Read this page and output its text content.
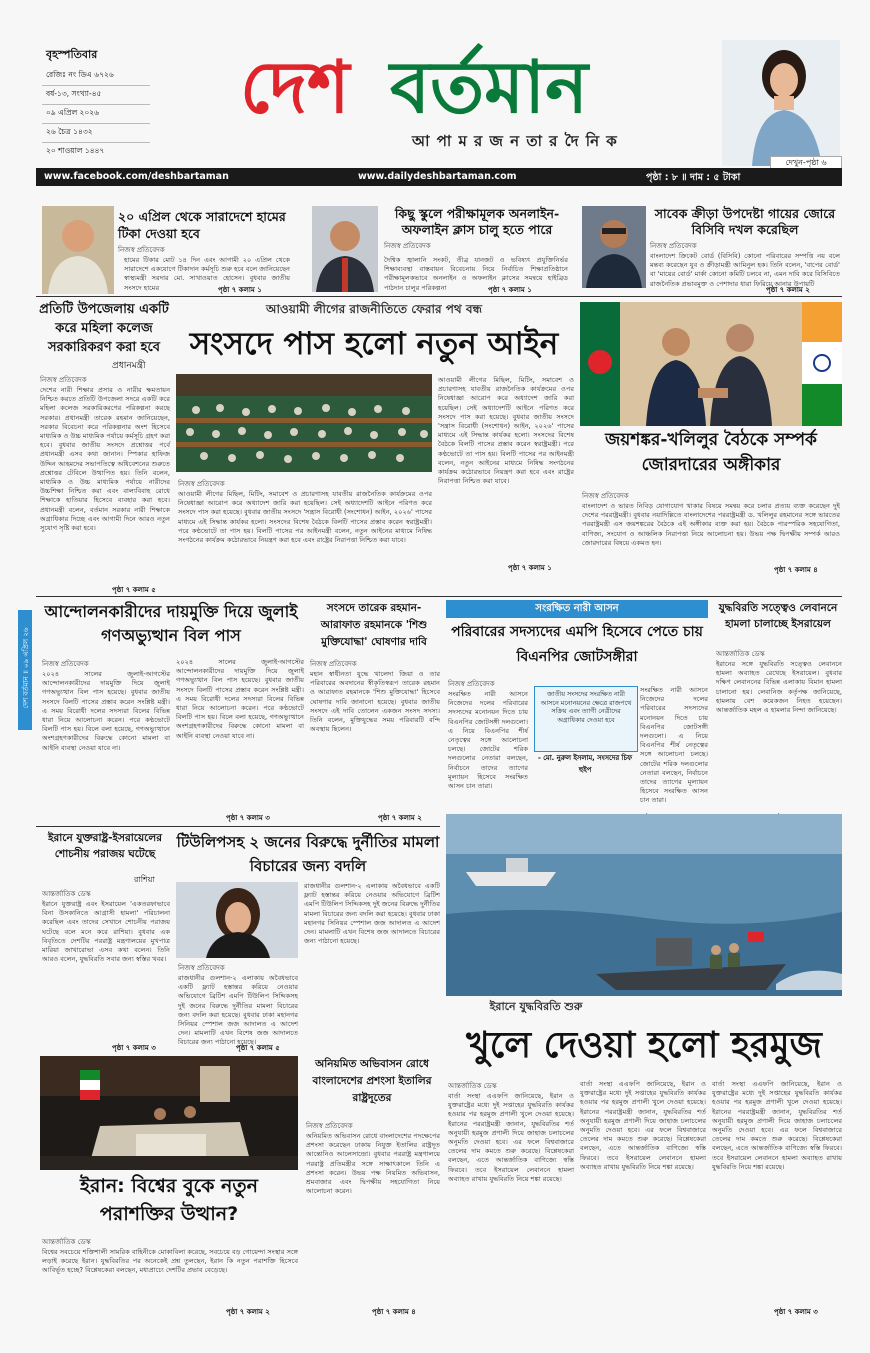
বৃহস্পতিবার
রেজিঃ নং ডিএ ৬৭২৬
বর্ষ-১৩, সংখ্যা-৪৫
০৯ এপ্রিল ২০২৬
২৬ চৈত্র ১৪৩২
২০ শাওয়াল ১৪৪৭
দেশ বর্তমান
আ পা ম র জ ন তা র দৈ নি ক
দেখুন-পৃষ্ঠা ৬
www.facebook.com/deshbartaman	www.dailydeshbartaman.com	পৃষ্ঠা : ৮ ॥ দাম : ৫ টাকা
দেশ বর্তমান ॥ ০৯ এপ্রিল ২৬
২০ এপ্রিল থেকে সারাদেশে হামের টিকা দেওয়া হবে
নিজস্ব প্রতিবেদক
হামের টিকার মোট ১৪ দিন এবং আগামী ২০ এপ্রিল থেকে সারাদেশে একযোগে টিকাদান কর্মসূচি শুরু হবে বলে জানিয়েছেন স্বাস্থ্যমন্ত্রী সরদার মো. সাখাওয়াত হোসেন। বুধবার জাতীয় সংসদে হামের	পৃষ্ঠা ৭ কলাম ১
কিছু স্কুলে পরীক্ষামূলক অনলাইন-অফলাইন ক্লাস চালু হতে পারে
নিজস্ব প্রতিবেদক
দৈশ্বিক জ্বালানি সংকট, তীব্র যানজট ও ভবিষ্যৎ প্রযুক্তিনির্ভর শিক্ষাব্যবস্থা বাস্তবায়ন বিবেচনায় নিয়ে নির্বাচিত শিক্ষাপ্রতিষ্ঠানে পরীক্ষামূলকভাবে অনলাইন ও অফলাইন ক্লাসের সমন্বয়ে হাইব্রিড পাঠদান চালুর পরিকল্পনা	পৃষ্ঠা ৭ কলাম ১
সাবেক ক্রীড়া উপদেষ্টা গায়ের জোরে বিসিবি দখল করেছিল
নিজস্ব প্রতিবেদক
বাংলাদেশ ক্রিকেট বোর্ড (বিসিবি) কোনো পরিবারের সম্পত্তি নয় বলে মন্তব্য করেছেন যুব ও ক্রীড়ামন্ত্রী আমিনুল হক। তিনি বলেন, 'বাপের বোর্ড' বা 'মায়ের বোর্ড' মার্কা কোনো কমিটি চলবে না, এমন দাবি করে বিসিবিতে রাজনৈতিক প্রভাবমুক্ত ও পেশাদার ধারা ফিরিয়ে আনার উপায়টি
পৃষ্ঠা ৭ কলাম ২
প্রতিটি উপজেলায় একটি করে মহিলা কলেজ সরকারিকরণ করা হবে
প্রধানমন্ত্রী
নিজস্ব প্রতিবেদক
দেশের নারী শিক্ষার প্রসার ও নারীর ক্ষমতায়ন নিশ্চিত করতে প্রতিটি উপজেলা সদরে একটি করে মহিলা কলেজ সরকারিকরণের পরিকল্পনা করছে সরকার। প্রধানমন্ত্রী তারেক রহমান জানিয়েছেন, সরকার বিবেচনা করে পরিকল্পনার অংশ হিসেবে মাধ্যমিক ও উচ্চ মাধ্যমিক পর্যায়ে কর্মসূচি গ্রহণ করা হবে। বুধবার জাতীয় সংসদে প্রশ্নোত্তর পর্বে প্রধানমন্ত্রী এসব কথা জানান। স্পিকার হাফিজ উদ্দিন আহমদের সভাপতিত্বে অধিবেশনের শুরুতে প্রশ্নোত্তর টেবিলে উত্থাপিত হয়। তিনি বলেন, মাধ্যমিক ও উচ্চ মাধ্যমিক পর্যায়ে নারীদের উচ্চশিক্ষা নিশ্চিত করা এবং বাল্যবিবাহ রোধে শিক্ষাকে হাতিয়ার হিসেবে ব্যবহার করা হবে। প্রধানমন্ত্রী বলেন, বর্তমান সরকার নারী শিক্ষাকে অগ্রাধিকার দিচ্ছে এবং আগামী দিনে আরও নতুন সুযোগ সৃষ্টি করা হবে।
পৃষ্ঠা ৭ কলাম ৫
আওয়ামী লীগের রাজনীতিতে ফেরার পথ বন্ধ
সংসদে পাস হলো নতুন আইন
আওয়ামী লীগের মিছিল, মিটিং, সমাবেশ ও প্রচারণাসহ যাবতীয় রাজনৈতিক কার্যক্রমের ওপর নিষেধাজ্ঞা আরোপ করে অধ্যাদেশ জারি করা হয়েছিল। সেই অধ্যাদেশটি আইনে পরিণত করে সংসদে পাস করা হয়েছে। বুধবার জাতীয় সংসদে 'সন্ত্রাস বিরোধী (সংশোধন) আইন, ২০২৬' পাসের মাধ্যমে এই সিদ্ধান্ত কার্যকর হলো। সংসদের বিশেষ বৈঠকে বিলটি পাসের প্রস্তাব করেন স্বরাষ্ট্রমন্ত্রী। পরে কণ্ঠভোটে তা পাস হয়। বিলটি পাসের পর আইনমন্ত্রী বলেন, নতুন আইনের মাধ্যমে নিষিদ্ধ সংগঠনের কার্যক্রম কঠোরভাবে নিয়ন্ত্রণ করা হবে এবং রাষ্ট্রের নিরাপত্তা নিশ্চিত করা যাবে।
নিজস্ব প্রতিবেদক
আওয়ামী লীগের মিছিল, মিটিং, সমাবেশ ও প্রচারণাসহ যাবতীয় রাজনৈতিক কার্যক্রমের ওপর নিষেধাজ্ঞা আরোপ করে অধ্যাদেশ জারি করা হয়েছিল। সেই অধ্যাদেশটি আইনে পরিণত করে সংসদে পাস করা হয়েছে। বুধবার জাতীয় সংসদে 'সন্ত্রাস বিরোধী (সংশোধন) আইন, ২০২৬' পাসের মাধ্যমে এই সিদ্ধান্ত কার্যকর হলো। সংসদের বিশেষ বৈঠকে বিলটি পাসের প্রস্তাব করেন স্বরাষ্ট্রমন্ত্রী। পরে কণ্ঠভোটে তা পাস হয়। বিলটি পাসের পর আইনমন্ত্রী বলেন, নতুন আইনের মাধ্যমে নিষিদ্ধ সংগঠনের কার্যক্রম কঠোরভাবে নিয়ন্ত্রণ করা হবে এবং রাষ্ট্রের নিরাপত্তা নিশ্চিত করা যাবে।
পৃষ্ঠা ৭ কলাম ১
জয়শঙ্কর-খলিলুর বৈঠকে সম্পর্ক জোরদারের অঙ্গীকার
নিজস্ব প্রতিবেদক
বাংলাদেশ ও ভারত নিবিড় যোগাযোগ খাকার বিষয়ে সমন্বয় করে চলার প্রত্যয় ব্যক্ত করেছেন দুই দেশের পররাষ্ট্রমন্ত্রী। বুধবার নয়াদিল্লিতে বাংলাদেশের পররাষ্ট্রমন্ত্রী ড. খলিলুর রহমানের সঙ্গে ভারতের পররাষ্ট্রমন্ত্রী এস জয়শঙ্করের বৈঠকে এই অঙ্গীকার ব্যক্ত করা হয়। বৈঠকে পারস্পরিক সহযোগিতা, বাণিজ্য, সংযোগ ও আঞ্চলিক নিরাপত্তা নিয়ে আলোচনা হয়। উভয় পক্ষ দ্বিপক্ষীয় সম্পর্ক আরও জোরদারের বিষয়ে একমত হন।
পৃষ্ঠা ৭ কলাম ৪
আন্দোলনকারীদের দায়মুক্তি দিয়ে জুলাই গণঅভ্যুত্থান বিল পাস
নিজস্ব প্রতিবেদক
২০২৪ সালের জুলাই-আগস্টের আন্দোলনকারীদের দায়মুক্তি দিয়ে জুলাই গণঅভ্যুত্থান বিল পাস হয়েছে। বুধবার জাতীয় সংসদে বিলটি পাসের প্রস্তাব করেন সংশ্লিষ্ট মন্ত্রী। এ সময় বিরোধী দলের সদস্যরা বিলের বিভিন্ন ধারা নিয়ে আলোচনা করেন। পরে কণ্ঠভোটে বিলটি পাস হয়। বিলে বলা হয়েছে, গণঅভ্যুত্থানে অংশগ্রহণকারীদের বিরুদ্ধে কোনো মামলা বা আইনি ব্যবস্থা নেওয়া যাবে না।
২০২৪ সালের জুলাই-আগস্টের আন্দোলনকারীদের দায়মুক্তি দিয়ে জুলাই গণঅভ্যুত্থান বিল পাস হয়েছে। বুধবার জাতীয় সংসদে বিলটি পাসের প্রস্তাব করেন সংশ্লিষ্ট মন্ত্রী। এ সময় বিরোধী দলের সদস্যরা বিলের বিভিন্ন ধারা নিয়ে আলোচনা করেন। পরে কণ্ঠভোটে বিলটি পাস হয়। বিলে বলা হয়েছে, গণঅভ্যুত্থানে অংশগ্রহণকারীদের বিরুদ্ধে কোনো মামলা বা আইনি ব্যবস্থা নেওয়া যাবে না।
পৃষ্ঠা ৭ কলাম ৩
সংসদে তারেক রহমান-আরাফাত রহমানকে 'শিশু মুক্তিযোদ্ধা' ঘোষণার দাবি
নিজস্ব প্রতিবেদক
মহান স্বাধীনতা যুদ্ধে খালেদা জিয়া ও তার পরিবারের অবদানের স্বীকৃতিস্বরূপ তারেক রহমান ও আরাফাত রহমানকে 'শিশু মুক্তিযোদ্ধা' হিসেবে ঘোষণার দাবি জানানো হয়েছে। বুধবার জাতীয় সংসদে এই দাবি তোলেন একজন সংসদ সদস্য। তিনি বলেন, মুক্তিযুদ্ধের সময় পরিবারটি বন্দি অবস্থায় ছিলেন।
পৃষ্ঠা ৭ কলাম ২
সংরক্ষিত নারী আসন
পরিবারের সদস্যদের এমপি হিসেবে পেতে চায় বিএনপির জোটসঙ্গীরা
নিজস্ব প্রতিবেদক
সংরক্ষিত নারী আসনে নিজেদের দলের পরিবারের সদস্যদের মনোনয়ন দিতে চায় বিএনপির জোটসঙ্গী দলগুলো। এ নিয়ে বিএনপির শীর্ষ নেতৃত্বের সঙ্গে আলোচনা চলছে। জোটের শরিক দলগুলোর নেতারা বলছেন, নির্বাচনে তাদের ত্যাগের মূল্যায়ন হিসেবে সংরক্ষিত আসন চান তারা।
জাতীয় সংসদের সংরক্ষিত নারী আসনে মনোনয়নের ক্ষেত্রে রাজপথে সক্রিয় এবং ত্যাগী নেত্রীদের অগ্রাধিকার দেওয়া হবে
- মো. নুরুল ইসলাম, সংসদের চিফ হুইপ
সংরক্ষিত নারী আসনে নিজেদের দলের পরিবারের সদস্যদের মনোনয়ন দিতে চায় বিএনপির জোটসঙ্গী দলগুলো। এ নিয়ে বিএনপির শীর্ষ নেতৃত্বের সঙ্গে আলোচনা চলছে। জোটের শরিক দলগুলোর নেতারা বলছেন, নির্বাচনে তাদের ত্যাগের মূল্যায়ন হিসেবে সংরক্ষিত আসন চান তারা।
যুদ্ধবিরতি সত্ত্বেও লেবাননে হামলা চালাচ্ছে ইসরায়েল
আন্তর্জাতিক ডেস্ক
ইরানের সঙ্গে যুদ্ধবিরতি সত্ত্বেও লেবাননে হামলা অব্যাহত রেখেছে ইসরায়েল। বুধবার দক্ষিণ লেবাননের বিভিন্ন এলাকায় বিমান হামলা চালানো হয়। লেবানিজ কর্তৃপক্ষ জানিয়েছে, হামলায় বেশ কয়েকজন নিহত হয়েছেন। আন্তর্জাতিক মহল এ হামলার নিন্দা জানিয়েছে।
ইরানে যুক্তরাষ্ট্র-ইসরায়েলের শোচনীয় পরাজয় ঘটেছে
রাশিয়া
আন্তর্জাতিক ডেস্ক
ইরানে যুক্তরাষ্ট্র এবং ইসরায়েল 'একতরফাভাবে বিনা উসকানিতে আগ্রাসী হামলা' পরিচালনা করেছিল এবং তাদের সেখানে শোচনীয় পরাজয় ঘটেছে বলে মনে করে রাশিয়া। বুধবার এক বিবৃতিতে দেশটির পররাষ্ট্র মন্ত্রণালয়ের মুখপাত্র মারিয়া জাখারোভা এসব কথা বলেন। তিনি আরও বলেন, যুদ্ধবিরতি সবার জন্য স্বস্তির খবর।
পৃষ্ঠা ৭ কলাম ৩
টিউলিপসহ ২ জনের বিরুদ্ধে দুর্নীতির মামলা বিচারের জন্য বদলি
নিজস্ব প্রতিবেদক
রাজধানীর গুলশান-২ এলাকায় অবৈধভাবে একটি ফ্ল্যাট হস্তান্তর করিয়ে নেওয়ার অভিযোগে ব্রিটিশ এমপি টিউলিপ সিদ্দিকসহ দুই জনের বিরুদ্ধে দুর্নীতির মামলা বিচারের জন্য বদলি করা হয়েছে। বুধবার ঢাকা মহানগর সিনিয়র স্পেশাল জজ আদালত এ আদেশ দেন। মামলাটি এখন বিশেষ জজ আদালতে বিচারের জন্য পাঠানো হয়েছে।
রাজধানীর গুলশান-২ এলাকায় অবৈধভাবে একটি ফ্ল্যাট হস্তান্তর করিয়ে নেওয়ার অভিযোগে ব্রিটিশ এমপি টিউলিপ সিদ্দিকসহ দুই জনের বিরুদ্ধে দুর্নীতির মামলা বিচারের জন্য বদলি করা হয়েছে। বুধবার ঢাকা মহানগর সিনিয়র স্পেশাল জজ আদালত এ আদেশ দেন। মামলাটি এখন বিশেষ জজ আদালতে বিচারের জন্য পাঠানো হয়েছে।
পৃষ্ঠা ৭ কলাম ৫
ইরানে যুদ্ধবিরতি শুরু
খুলে দেওয়া হলো হরমুজ
অনিয়মিত অভিবাসন রোধে বাংলাদেশের প্রশংসা ইতালির রাষ্ট্রদূতের
নিজস্ব প্রতিবেদক
অনিয়মিত অভিবাসন রোধে বাংলাদেশের পদক্ষেপের প্রশংসা করেছেন ঢাকায় নিযুক্ত ইতালির রাষ্ট্রদূত আন্তোনিও আলেসান্দ্রো। বুধবার পররাষ্ট্র মন্ত্রণালয়ে পররাষ্ট্র প্রতিমন্ত্রীর সঙ্গে সাক্ষাৎকালে তিনি এ প্রশংসা করেন। উভয় পক্ষ নিয়মিত অভিবাসন, শ্রমবাজার এবং দ্বিপক্ষীয় সহযোগিতা নিয়ে আলোচনা করেন।
পৃষ্ঠা ৭ কলাম ৪
ইরান: বিশ্বের বুকে নতুন পরাশক্তির উত্থান?
আন্তর্জাতিক ডেস্ক
বিশ্বের সবচেয়ে শক্তিশালী সামরিক বাহিনীকে মোকাবিলা করেছে, সবচেয়ে বড় গোয়েন্দা সংস্থার সঙ্গে লড়াই করেছে ইরান। যুদ্ধবিরতির পর অনেকেই প্রশ্ন তুলছেন, ইরান কি নতুন পরাশক্তি হিসেবে আবির্ভূত হচ্ছে? বিশ্লেষকেরা বলছেন, মধ্যপ্রাচ্যে দেশটির প্রভাব বেড়েছে।
পৃষ্ঠা ৭ কলাম ২
আন্তর্জাতিক ডেস্ক
বার্তা সংস্থা এএফপি জানিয়েছে, ইরান ও যুক্তরাষ্ট্রের মধ্যে দুই সপ্তাহের যুদ্ধবিরতি কার্যকর হওয়ার পর হরমুজ প্রণালী খুলে দেওয়া হয়েছে। ইরানের পররাষ্ট্রমন্ত্রী জানান, যুদ্ধবিরতির শর্ত অনুযায়ী হরমুজ প্রণালী দিয়ে জাহাজ চলাচলের অনুমতি দেওয়া হবে। এর ফলে বিশ্ববাজারে তেলের দাম কমতে শুরু করেছে। বিশ্লেষকেরা বলছেন, এতে আন্তর্জাতিক বাণিজ্যে স্বস্তি ফিরবে। তবে ইসরায়েল লেবাননে হামলা অব্যাহত রাখায় যুদ্ধবিরতি নিয়ে শঙ্কা রয়েছে।
বার্তা সংস্থা এএফপি জানিয়েছে, ইরান ও যুক্তরাষ্ট্রের মধ্যে দুই সপ্তাহের যুদ্ধবিরতি কার্যকর হওয়ার পর হরমুজ প্রণালী খুলে দেওয়া হয়েছে। ইরানের পররাষ্ট্রমন্ত্রী জানান, যুদ্ধবিরতির শর্ত অনুযায়ী হরমুজ প্রণালী দিয়ে জাহাজ চলাচলের অনুমতি দেওয়া হবে। এর ফলে বিশ্ববাজারে তেলের দাম কমতে শুরু করেছে। বিশ্লেষকেরা বলছেন, এতে আন্তর্জাতিক বাণিজ্যে স্বস্তি ফিরবে। তবে ইসরায়েল লেবাননে হামলা অব্যাহত রাখায় যুদ্ধবিরতি নিয়ে শঙ্কা রয়েছে।
বার্তা সংস্থা এএফপি জানিয়েছে, ইরান ও যুক্তরাষ্ট্রের মধ্যে দুই সপ্তাহের যুদ্ধবিরতি কার্যকর হওয়ার পর হরমুজ প্রণালী খুলে দেওয়া হয়েছে। ইরানের পররাষ্ট্রমন্ত্রী জানান, যুদ্ধবিরতির শর্ত অনুযায়ী হরমুজ প্রণালী দিয়ে জাহাজ চলাচলের অনুমতি দেওয়া হবে। এর ফলে বিশ্ববাজারে তেলের দাম কমতে শুরু করেছে। বিশ্লেষকেরা বলছেন, এতে আন্তর্জাতিক বাণিজ্যে স্বস্তি ফিরবে। তবে ইসরায়েল লেবাননে হামলা অব্যাহত রাখায় যুদ্ধবিরতি নিয়ে শঙ্কা রয়েছে।
পৃষ্ঠা ৭ কলাম ৩
